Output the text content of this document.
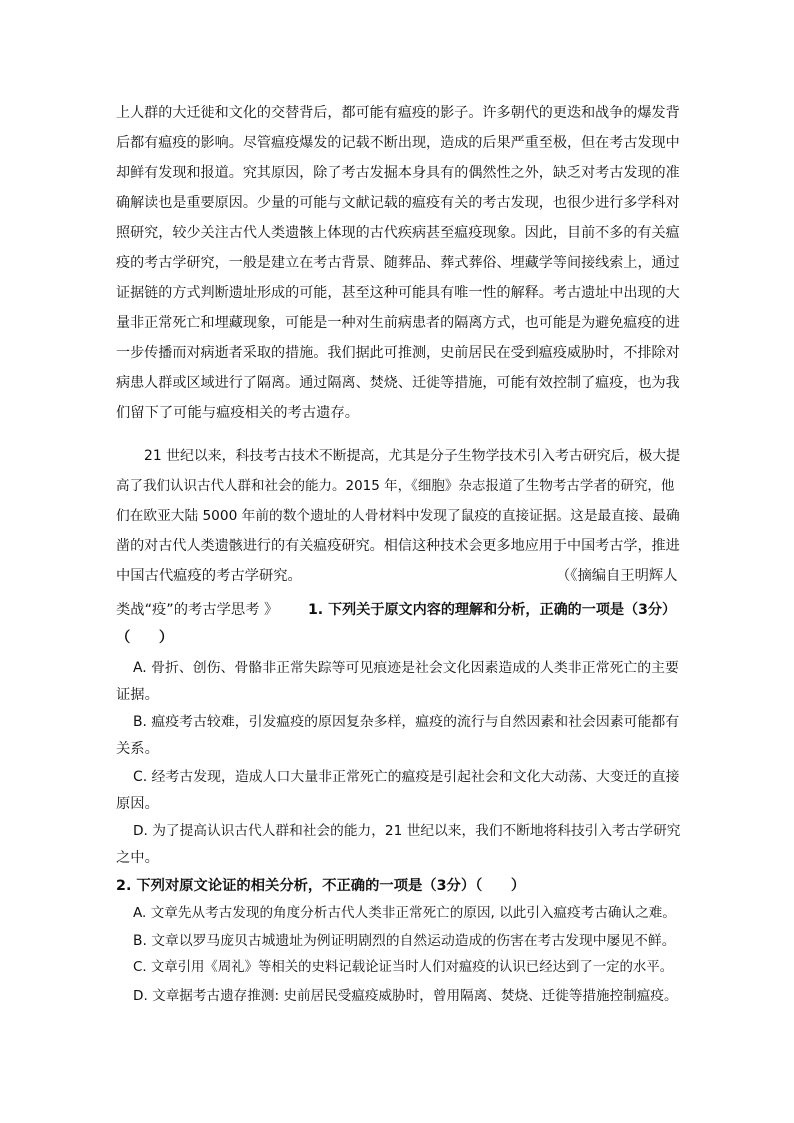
上人群的大迁徙和文化的交替背后，都可能有瘟疫的影子。许多朝代的更迭和战争的爆发背
后都有瘟疫的影响。尽管瘟疫爆发的记载不断出现，造成的后果严重至极，但在考古发现中
却鲜有发现和报道。究其原因，除了考古发掘本身具有的偶然性之外，缺乏对考古发现的准
确解读也是重要原因。少量的可能与文献记载的瘟疫有关的考古发现，也很少进行多学科对
照研究，较少关注古代人类遗骸上体现的古代疾病甚至瘟疫现象。因此，目前不多的有关瘟
疫的考古学研究，一般是建立在考古背景、随葬品、葬式葬俗、埋藏学等间接线索上，通过
证据链的方式判断遗址形成的可能，甚至这种可能具有唯一性的解释。考古遗址中出现的大
量非正常死亡和埋藏现象，可能是一种对生前病患者的隔离方式，也可能是为避免瘟疫的进
一步传播而对病逝者采取的措施。我们据此可推测，史前居民在受到瘟疫威胁时，不排除对
病患人群或区域进行了隔离。通过隔离、焚烧、迁徙等措施，可能有效控制了瘟疫，也为我
们留下了可能与瘟疫相关的考古遗存。
21 世纪以来，科技考古技术不断提高，尤其是分子生物学技术引入考古研究后，极大提
高了我们认识古代人群和社会的能力。2015 年，《细胞》杂志报道了生物考古学者的研究，他
们在欧亚大陆 5000 年前的数个遗址的人骨材料中发现了鼠疫的直接证据。这是最直接、最确
凿的对古代人类遗骸进行的有关瘟疫研究。相信这种技术会更多地应用于中国考古学，推进
中国古代瘟疫的考古学研究。	（《摘编自王明辉人
类战“疫”的考古学思考 》 1. 下列关于原文内容的理解和分析，正确的一项是（3分）
（　　）
A. 骨折、创伤、骨骼非正常失踪等可见痕迹是社会文化因素造成的人类非正常死亡的主要
证据。
B. 瘟疫考古较难，引发瘟疫的原因复杂多样，瘟疫的流行与自然因素和社会因素可能都有
关系。
C. 经考古发现，造成人口大量非正常死亡的瘟疫是引起社会和文化大动荡、大变迁的直接
原因。
D. 为了提高认识古代人群和社会的能力，21 世纪以来，我们不断地将科技引入考古学研究
之中。
2. 下列对原文论证的相关分析，不正确的一项是（3分）（　　）
A. 文章先从考古发现的角度分析古代人类非正常死亡的原因, 以此引入瘟疫考古确认之难。
B. 文章以罗马庞贝古城遗址为例证明剧烈的自然运动造成的伤害在考古发现中屡见不鲜。
C. 文章引用《周礼》等相关的史料记载论证当时人们对瘟疫的认识已经达到了一定的水平。
D. 文章据考古遗存推测: 史前居民受瘟疫威胁时，曾用隔离、焚烧、迁徙等措施控制瘟疫。
